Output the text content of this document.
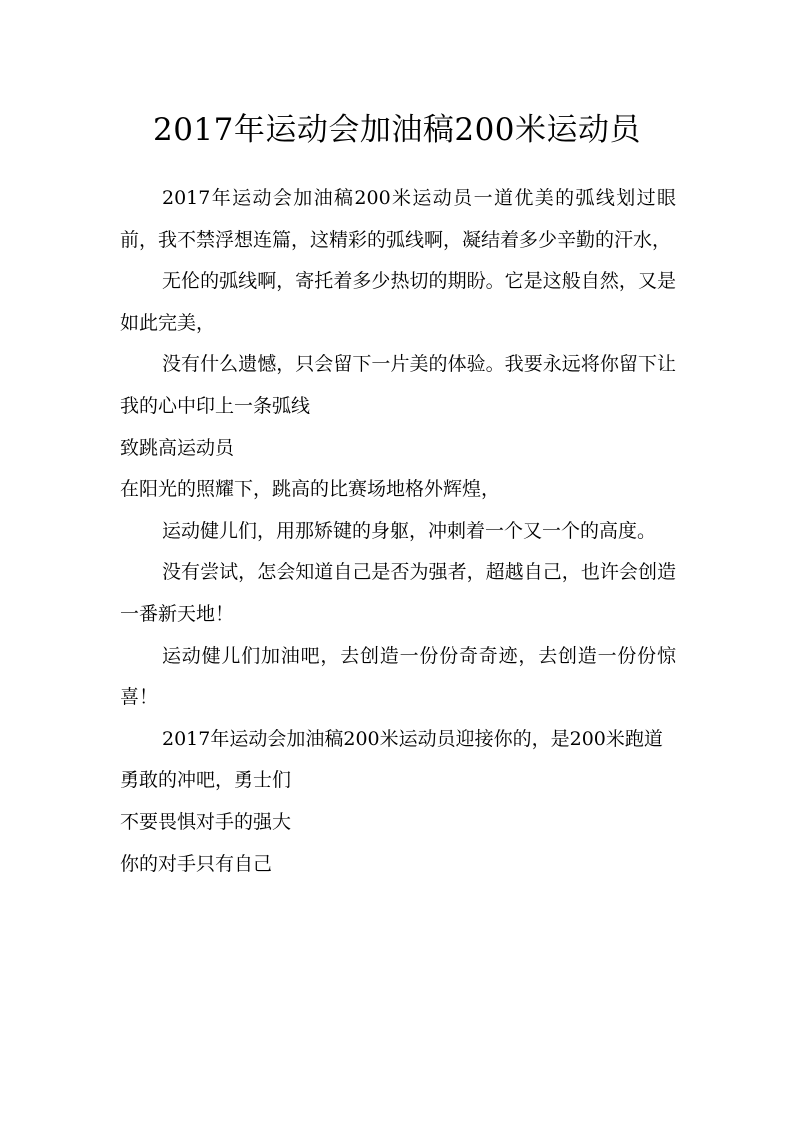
2017年运动会加油稿200米运动员

2017年运动会加油稿200米运动员一道优美的弧线划过眼前，我不禁浮想连篇，这精彩的弧线啊，凝结着多少辛勤的汗水，

无伦的弧线啊，寄托着多少热切的期盼。它是这般自然，又是如此完美，

没有什么遗憾，只会留下一片美的体验。我要永远将你留下让我的心中印上一条弧线

致跳高运动员

在阳光的照耀下，跳高的比赛场地格外辉煌，

运动健儿们，用那矫键的身躯，冲刺着一个又一个的高度。

没有尝试，怎会知道自己是否为强者，超越自己，也许会创造一番新天地！

运动健儿们加油吧，去创造一份份奇奇迹，去创造一份份惊喜！

2017年运动会加油稿200米运动员迎接你的，是200米跑道

勇敢的冲吧，勇士们

不要畏惧对手的强大

你的对手只有自己
